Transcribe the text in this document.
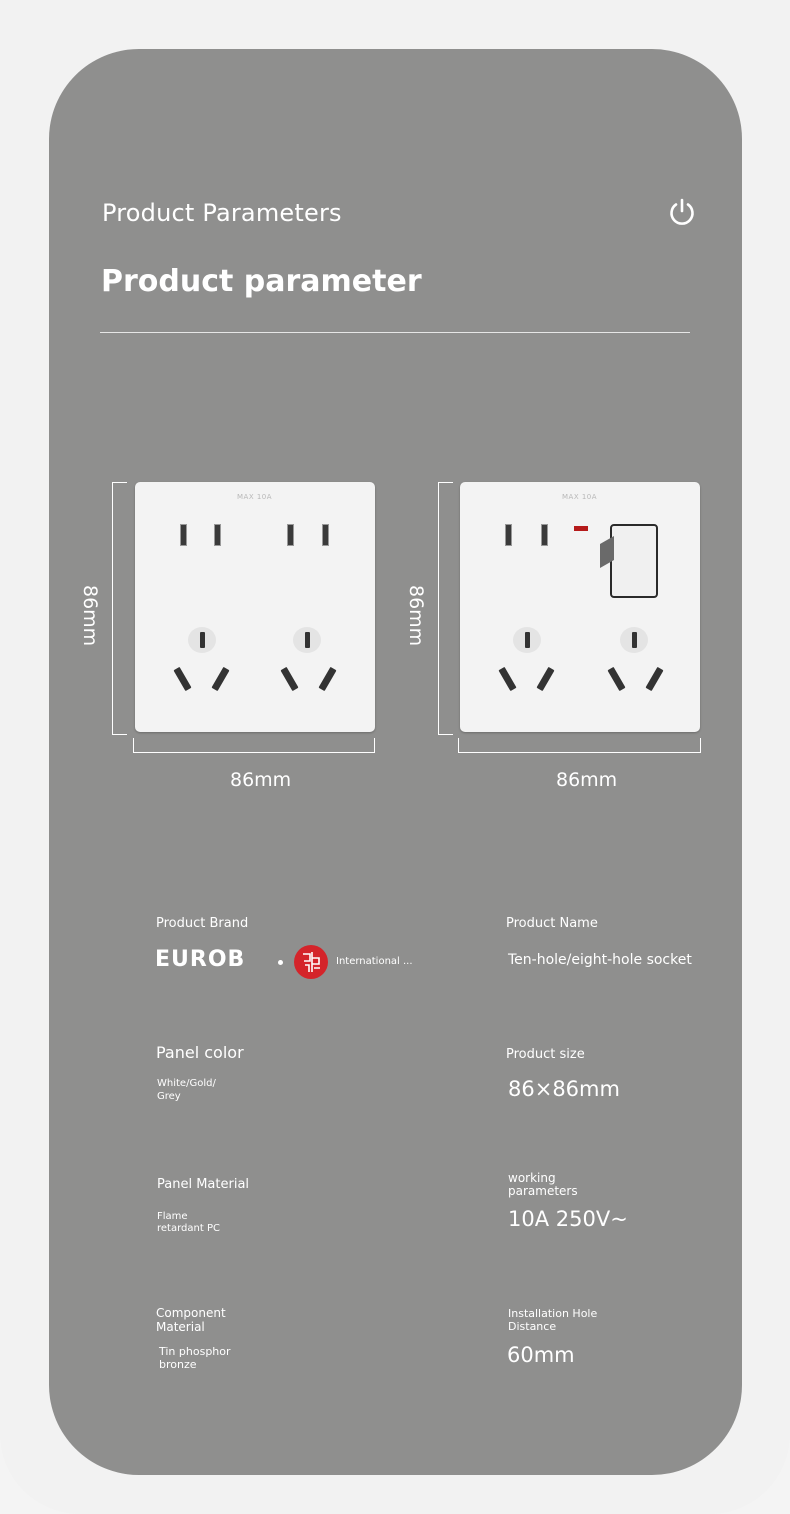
Product Parameters
Product parameter
86mm
MAX 10A
86mm
86mm
MAX 10A
86mm
Product Brand
EUROB	International ...
Product Name
Ten-hole/eight-hole socket
Panel color
White/Gold/
Grey
Product size
86×86mm
Panel Material
Flame
retardant PC
working
parameters
10A 250V~
Component
Material
Tin phosphor
bronze
Installation Hole
Distance
60mm
